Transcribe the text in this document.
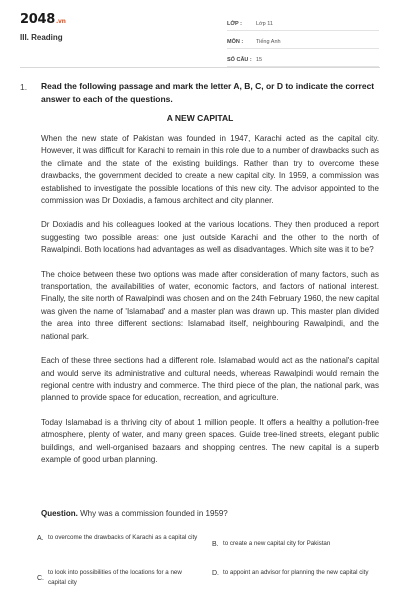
2048.vn
III. Reading
LỚP :	Lớp 11
MÔN :	Tiếng Anh
SỐ CÂU : 15
1. Read the following passage and mark the letter A, B, C, or D to indicate the correct answer to each of the questions.
A NEW CAPITAL

When the new state of Pakistan was founded in 1947, Karachi acted as the capital city. However, it was difficult for Karachi to remain in this role due to a number of drawbacks such as the climate and the state of the existing buildings. Rather than try to overcome these drawbacks, the government decided to create a new capital city. In 1959, a commission was established to investigate the possible locations of this new city. The advisor appointed to the commission was Dr Doxiadis, a famous architect and city planner.

Dr Doxiadis and his colleagues looked at the various locations. They then produced a report suggesting two possible areas: one just outside Karachi and the other to the north of Rawalpindi. Both locations had advantages as well as disadvantages. Which site was it to be?

The choice between these two options was made after consideration of many factors, such as transportation, the availabilities of water, economic factors, and factors of national interest. Finally, the site north of Rawalpindi was chosen and on the 24th February 1960, the new capital was given the name of 'Islamabad' and a master plan was drawn up. This master plan divided the area into three different sections: Islamabad itself, neighbouring Rawalpindi, and the national park.

Each of these three sections had a different role. Islamabad would act as the national's capital and would serve its administrative and cultural needs, whereas Rawalpindi would remain the regional centre with industry and commerce. The third piece of the plan, the national park, was planned to provide space for education, recreation, and agriculture.

Today Islamabad is a thriving city of about 1 million people. It offers a healthy a pollution-free atmosphere, plenty of water, and many green spaces. Guide tree-lined streets, elegant public buildings, and well-organised bazaars and shopping centres. The new capital is a superb example of good urban planning.

Question. Why was a commission founded in 1959?
A. to overcome the drawbacks of Karachi as a capital city
B. to create a new capital city for Pakistan
C.
to look into possibilities of the locations for a new capital city
D. to appoint an advisor for planning the new capital city
